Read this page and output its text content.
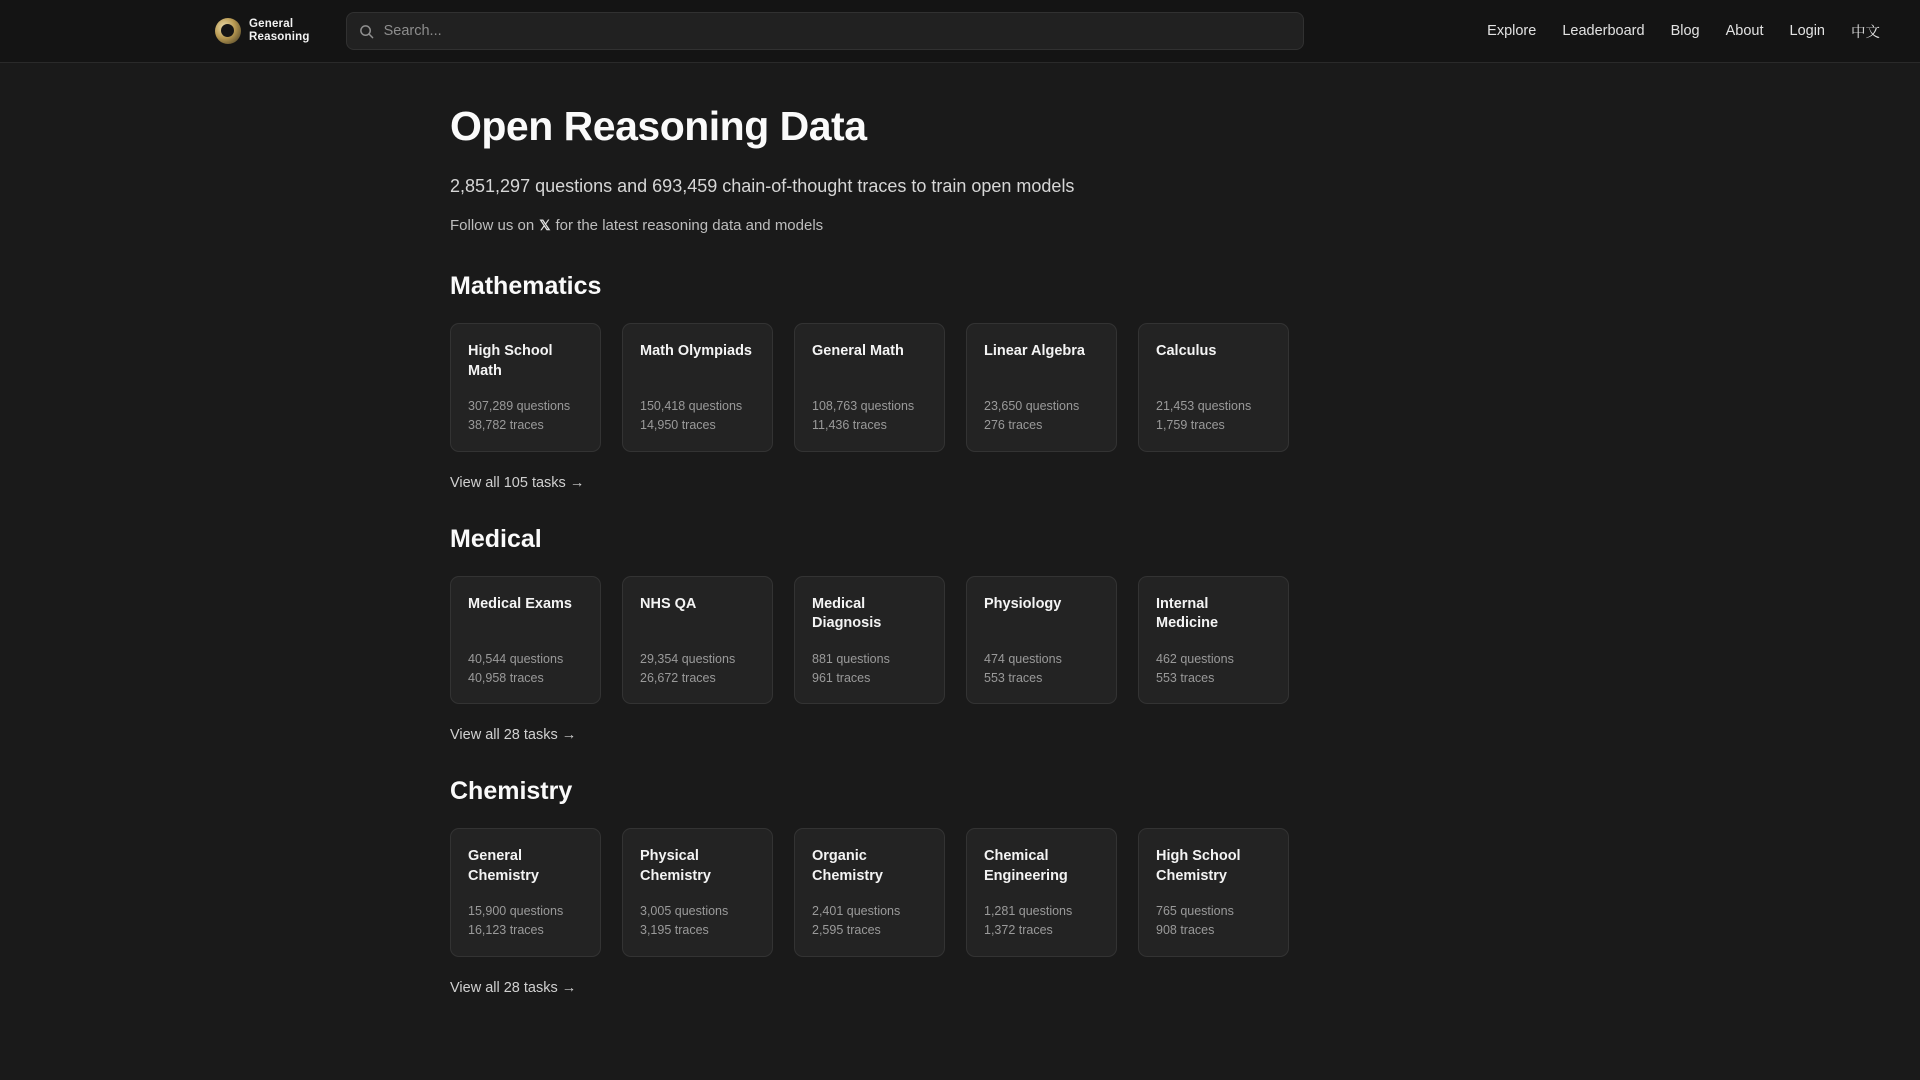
General
Reasoning
Search...	Explore Leaderboard Blog About Login 中文
Open Reasoning Data
2,851,297 questions and 693,459 chain-of-thought traces to train open models
Follow us on 𝕏 for the latest reasoning data and models
Mathematics
High School Math
307,289 questions
38,782 traces
Math Olympiads
150,418 questions
14,950 traces
General Math
108,763 questions
11,436 traces
Linear Algebra
23,650 questions
276 traces
Calculus
21,453 questions
1,759 traces
View all 105 tasks →
Medical
Medical Exams
40,544 questions
40,958 traces
NHS QA
29,354 questions
26,672 traces
Medical Diagnosis
881 questions
961 traces
Physiology
474 questions
553 traces
Internal Medicine
462 questions
553 traces
View all 28 tasks →
Chemistry
General Chemistry
15,900 questions
16,123 traces
Physical Chemistry
3,005 questions
3,195 traces
Organic Chemistry
2,401 questions
2,595 traces
Chemical Engineering
1,281 questions
1,372 traces
High School Chemistry
765 questions
908 traces
View all 28 tasks →
